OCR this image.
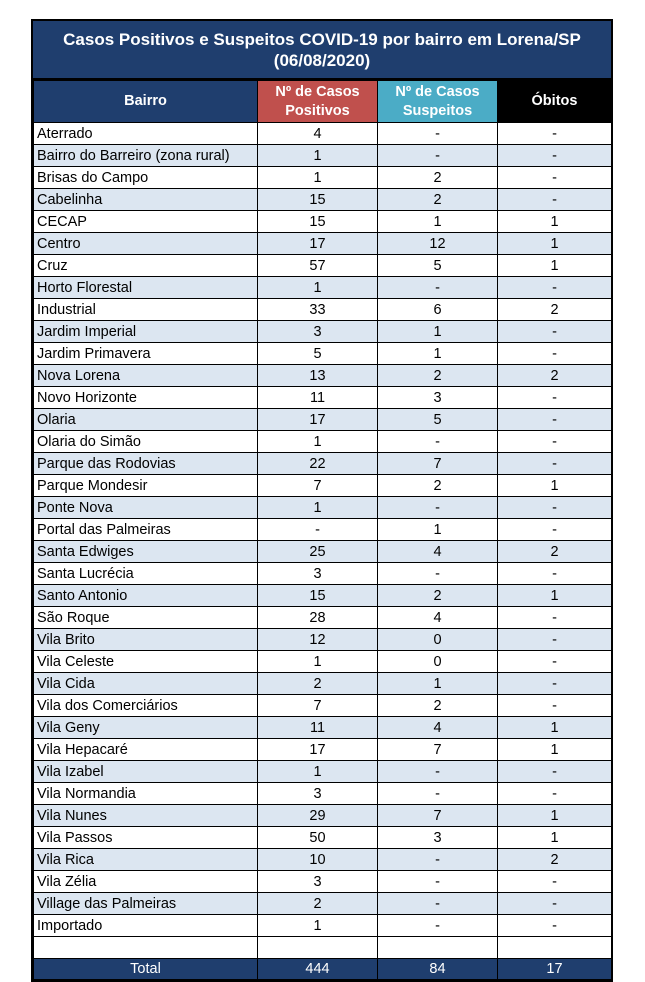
Casos Positivos e Suspeitos COVID-19 por bairro em Lorena/SP (06/08/2020)
Bairro	Nº de Casos Positivos	Nº de Casos Suspeitos	Óbitos
Aterrado	4	-	-
Bairro do Barreiro (zona rural)	1	-	-
Brisas do Campo	1	2	-
Cabelinha	15	2	-
CECAP	15	1	1
Centro	17	12	1
Cruz	57	5	1
Horto Florestal	1	-	-
Industrial	33	6	2
Jardim Imperial	3	1	-
Jardim Primavera	5	1	-
Nova Lorena	13	2	2
Novo Horizonte	11	3	-
Olaria	17	5	-
Olaria do Simão	1	-	-
Parque das Rodovias	22	7	-
Parque Mondesir	7	2	1
Ponte Nova	1	-	-
Portal das Palmeiras	-	1	-
Santa Edwiges	25	4	2
Santa Lucrécia	3	-	-
Santo Antonio	15	2	1
São Roque	28	4	-
Vila Brito	12	0	-
Vila Celeste	1	0	-
Vila Cida	2	1	-
Vila dos Comerciários	7	2	-
Vila Geny	11	4	1
Vila Hepacaré	17	7	1
Vila Izabel	1	-	-
Vila Normandia	3	-	-
Vila Nunes	29	7	1
Vila Passos	50	3	1
Vila Rica	10	-	2
Vila Zélia	3	-	-
Village das Palmeiras	2	-	-
Importado	1	-	-

Total	444	84	17
